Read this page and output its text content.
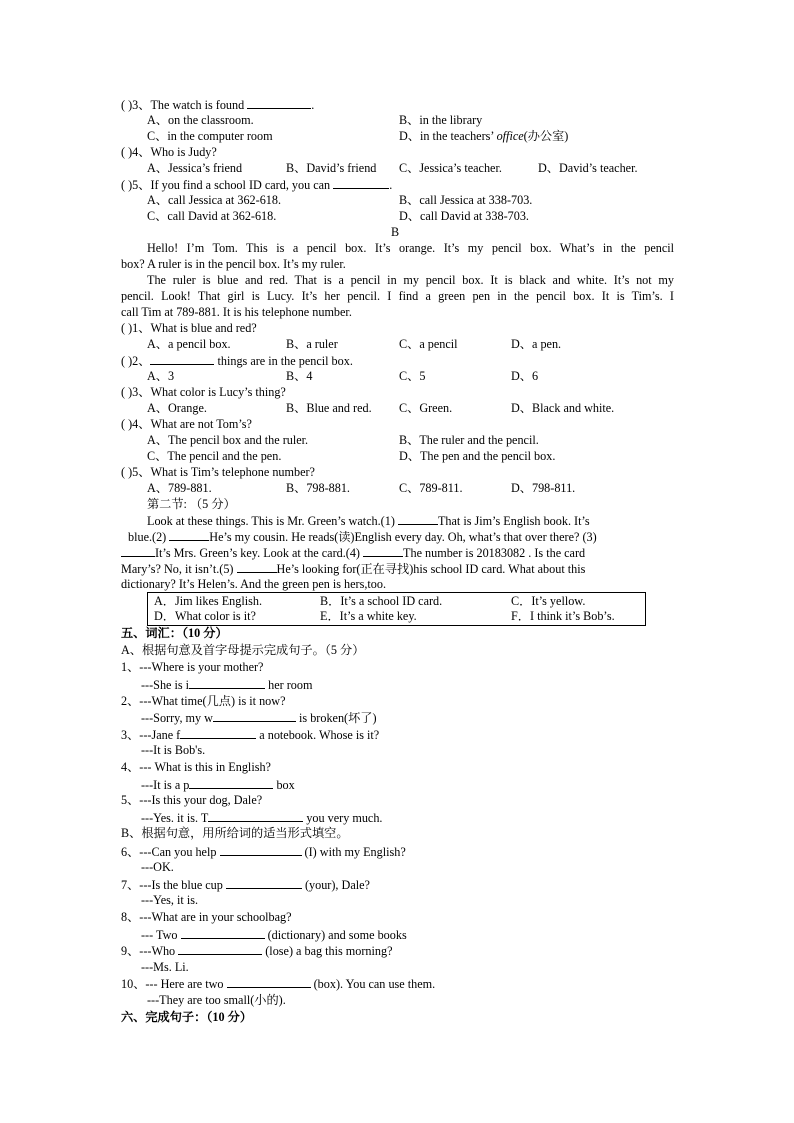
( )3、The watch is found	.
A、on the classroom.	B、in the library
C、in the computer room	D、in the teachers’ office(办公室)
( )4、Who is Judy?
A、Jessica’s friend	B、David’s friend C、Jessica’s teacher.	D、David’s teacher.
( )5、If you find a school ID card, you can	.
A、call Jessica at 362-618.	B、call Jessica at 338-703.
C、call David at 362-618.	D、call David at 338-703.
B
Hello! I’m Tom. This is a pencil box. It’s orange. It’s my pencil box. What’s in the pencil
box? A ruler is in the pencil box. It’s my ruler.
The ruler is blue and red. That is a pencil in my pencil box. It is black and white. It’s not my
pencil. Look! That girl is Lucy. It’s her pencil. I find a green pen in the pencil box. It is Tim’s. I
call Tim at 789-881. It is his telephone number.
( )1、What is blue and red?
A、a pencil box.	B、a ruler	C、a pencil	D、a pen.
( )2、	things are in the pencil box.
A、3	B、4	C、5	D、6
( )3、What color is Lucy’s thing?
A、Orange.	B、Blue and red. C、Green.	D、Black and white.
( )4、What are not Tom’s?
A、The pencil box and the ruler.	B、The ruler and the pencil.
C、The pencil and the pen.	D、The pen and the pencil box.
( )5、What is Tim’s telephone number?
A、789-881.	B、798-881.	C、789-811.	D、798-811.
第二节: （5 分）
Look at these things. This is Mr. Green’s watch.(1)	That is Jim’s English book. It’s
blue.(2)	He’s my cousin. He reads(读)English every day. Oh, what’s that over there? (3)
It’s Mrs. Green’s key. Look at the card.(4)	The number is 20183082 . Is the card
Mary’s? No, it isn’t.(5)	He’s looking for(正在寻找)his school ID card. What about this
dictionary? It’s Helen’s. And the green pen is hers,too.
A．Jim likes English.	B．It’s a school ID card.	C．It’s yellow.
D．What color is it?	E．It’s a white key.	F．I think it’s Bob’s.
五、词汇：（10 分）
A、根据句意及首字母提示完成句子。（5 分）
1、---Where is your mother?
---She is i	her room
2、---What time(几点) is it now?
---Sorry, my w	is broken(坏了)
3、---Jane f	a notebook. Whose is it?
---It is Bob's.
4、--- What is this in English?
---It is a p	box
5、---Is this your dog, Dale?
---Yes. it is. T	you very much.
B、根据句意，用所给词的适当形式填空。
6、---Can you help	(I) with my English?
---OK.
7、---Is the blue cup	(your), Dale?
---Yes, it is.
8、---What are in your schoolbag?
--- Two	(dictionary) and some books
9、---Who	(lose) a bag this morning?
---Ms. Li.
10、--- Here are two	(box). You can use them.
---They are too small(小的).
六、完成句子：（10 分）
